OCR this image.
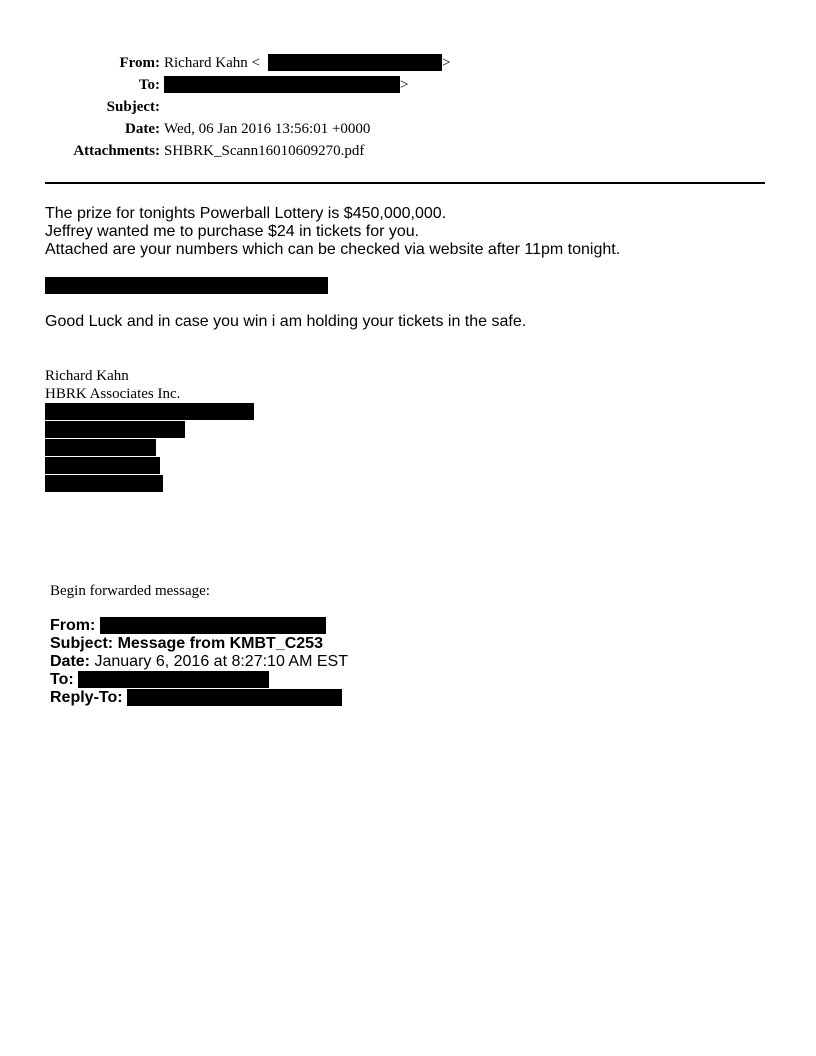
From: Richard Kahn <	>
To:	>
Subject:
Date: Wed, 06 Jan 2016 13:56:01 +0000
Attachments: SHBRK_Scann16010609270.pdf
The prize for tonights Powerball Lottery is $450,000,000.
Jeffrey wanted me to purchase $24 in tickets for you.
Attached are your numbers which can be checked via website after 11pm tonight.
Good Luck and in case you win i am holding your tickets in the safe.
Richard Kahn
HBRK Associates Inc.
Begin forwarded message:
From:
Subject: Message from KMBT_C253
Date: January 6, 2016 at 8:27:10 AM EST
To:
Reply-To:
